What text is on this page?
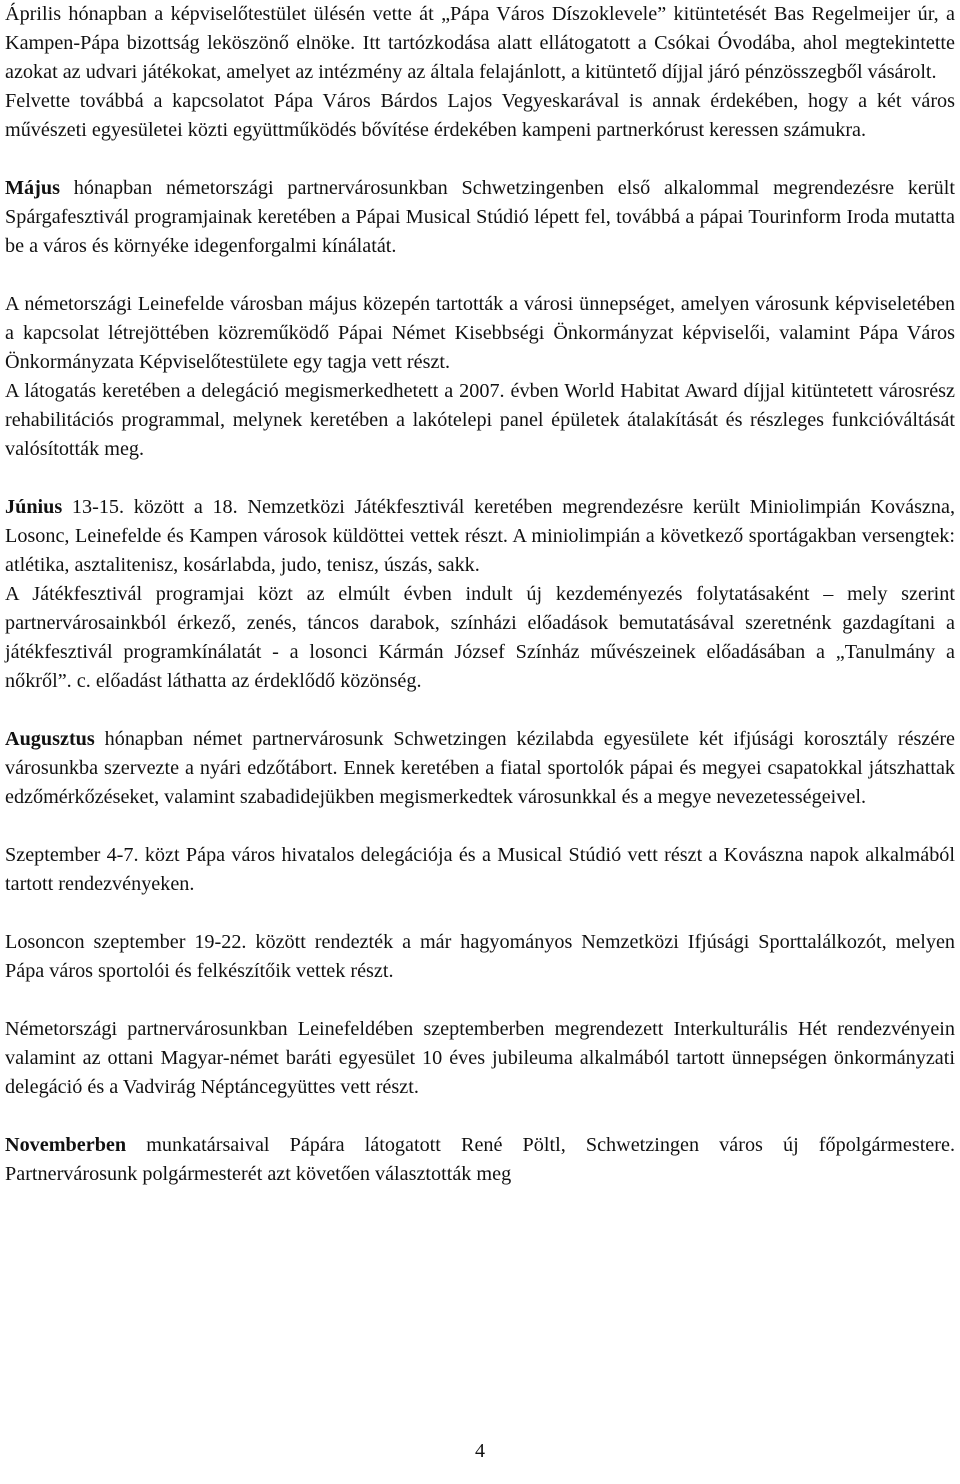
Április hónapban a képviselőtestület ülésén vette át „Pápa Város Díszoklevele” kitüntetését Bas Regelmeijer úr, a Kampen-Pápa bizottság leköszönő elnöke. Itt tartózkodása alatt ellátogatott a Csókai Óvodába, ahol megtekintette azokat az udvari játékokat, amelyet az intézmény az általa felajánlott, a kitüntető díjjal járó pénzösszegből vásárolt.

Felvette továbbá a kapcsolatot Pápa Város Bárdos Lajos Vegyeskarával is annak érdekében, hogy a két város művészeti egyesületei közti együttműködés bővítése érdekében kampeni partnerkórust keressen számukra.

Május hónapban németországi partnervárosunkban Schwetzingenben első alkalommal megrendezésre került Spárgafesztivál programjainak keretében a Pápai Musical Stúdió lépett fel, továbbá a pápai Tourinform Iroda mutatta be a város és környéke idegenforgalmi kínálatát.

A németországi Leinefelde városban május közepén tartották a városi ünnepséget, amelyen városunk képviseletében a kapcsolat létrejöttében közreműködő Pápai Német Kisebbségi Önkormányzat képviselői, valamint Pápa Város Önkormányzata Képviselőtestülete egy tagja vett részt.

A látogatás keretében a delegáció megismerkedhetett a 2007. évben World Habitat Award díjjal kitüntetett városrész rehabilitációs programmal, melynek keretében a lakótelepi panel épületek átalakítását és részleges funkcióváltását valósították meg.

Június 13-15. között a 18. Nemzetközi Játékfesztivál keretében megrendezésre került Miniolimpián Kovászna, Losonc, Leinefelde és Kampen városok küldöttei vettek részt. A miniolimpián a következő sportágakban versengtek: atlétika, asztalitenisz, kosárlabda, judo, tenisz, úszás, sakk.

A Játékfesztivál programjai közt az elmúlt évben indult új kezdeményezés folytatásaként – mely szerint partnervárosainkból érkező, zenés, táncos darabok, színházi előadások bemutatásával szeretnénk gazdagítani a játékfesztivál programkínálatát - a losonci Kármán József Színház művészeinek előadásában a „Tanulmány a nőkről”. c. előadást láthatta az érdeklődő közönség.

Augusztus hónapban német partnervárosunk Schwetzingen kézilabda egyesülete két ifjúsági korosztály részére városunkba szervezte a nyári edzőtábort. Ennek keretében a fiatal sportolók pápai és megyei csapatokkal játszhattak edzőmérkőzéseket, valamint szabadidejükben megismerkedtek városunkkal és a megye nevezetességeivel.

Szeptember 4-7. közt Pápa város hivatalos delegációja és a Musical Stúdió vett részt a Kovászna napok alkalmából tartott rendezvényeken.

Losoncon szeptember 19-22. között rendezték a már hagyományos Nemzetközi Ifjúsági Sporttalálkozót, melyen Pápa város sportolói és felkészítőik vettek részt.

Németországi partnervárosunkban Leinefeldében szeptemberben megrendezett Interkulturális Hét rendezvényein valamint az ottani Magyar-német baráti egyesület 10 éves jubileuma alkalmából tartott ünnepségen önkormányzati delegáció és a Vadvirág Néptáncegyüttes vett részt.

Novemberben munkatársaival Pápára látogatott René Pöltl, Schwetzingen város új főpolgármestere. Partnervárosunk polgármesterét azt követően választották meg

4
